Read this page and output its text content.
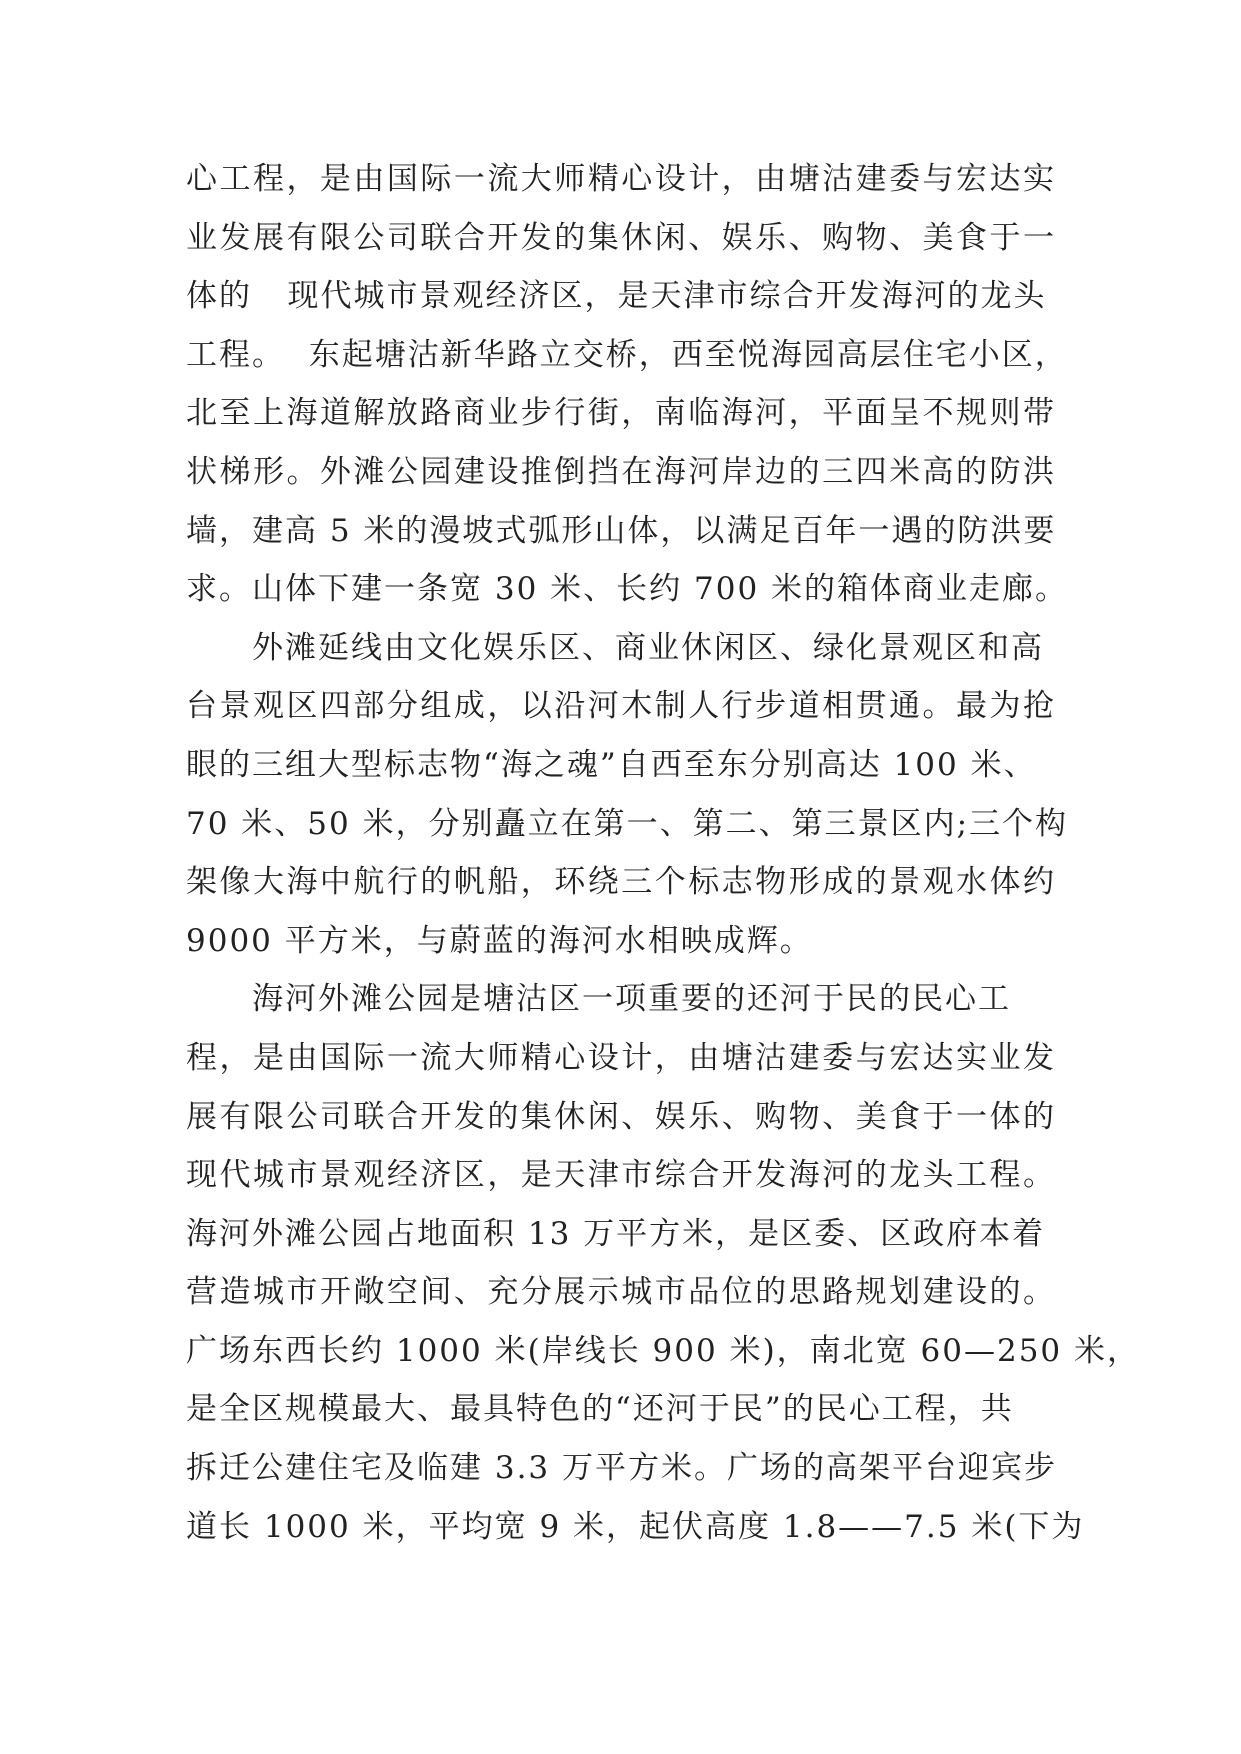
心工程，是由国际一流大师精心设计，由塘沽建委与宏达实
业发展有限公司联合开发的集休闲、娱乐、购物、美食于一
体的   现代城市景观经济区，是天津市综合开发海河的龙头
工程。  东起塘沽新华路立交桥，西至悦海园高层住宅小区，
北至上海道解放路商业步行街，南临海河，平面呈不规则带
状梯形。外滩公园建设推倒挡在海河岸边的三四米高的防洪
墙，建高 5 米的漫坡式弧形山体，以满足百年一遇的防洪要
求。山体下建一条宽 30 米、长约 700 米的箱体商业走廊。
　　外滩延线由文化娱乐区、商业休闲区、绿化景观区和高
台景观区四部分组成，以沿河木制人行步道相贯通。最为抢
眼的三组大型标志物“海之魂”自西至东分别高达 100 米、
70 米、50 米，分别矗立在第一、第二、第三景区内;三个构
架像大海中航行的帆船，环绕三个标志物形成的景观水体约
9000 平方米，与蔚蓝的海河水相映成辉。
　　海河外滩公园是塘沽区一项重要的还河于民的民心工
程，是由国际一流大师精心设计，由塘沽建委与宏达实业发
展有限公司联合开发的集休闲、娱乐、购物、美食于一体的
现代城市景观经济区，是天津市综合开发海河的龙头工程。
海河外滩公园占地面积 13 万平方米，是区委、区政府本着
营造城市开敞空间、充分展示城市品位的思路规划建设的。
广场东西长约 1000 米(岸线长 900 米)，南北宽 60—250 米，
是全区规模最大、最具特色的“还河于民”的民心工程，共
拆迁公建住宅及临建 3.3 万平方米。广场的高架平台迎宾步
道长 1000 米，平均宽 9 米，起伏高度 1.8——7.5 米(下为
